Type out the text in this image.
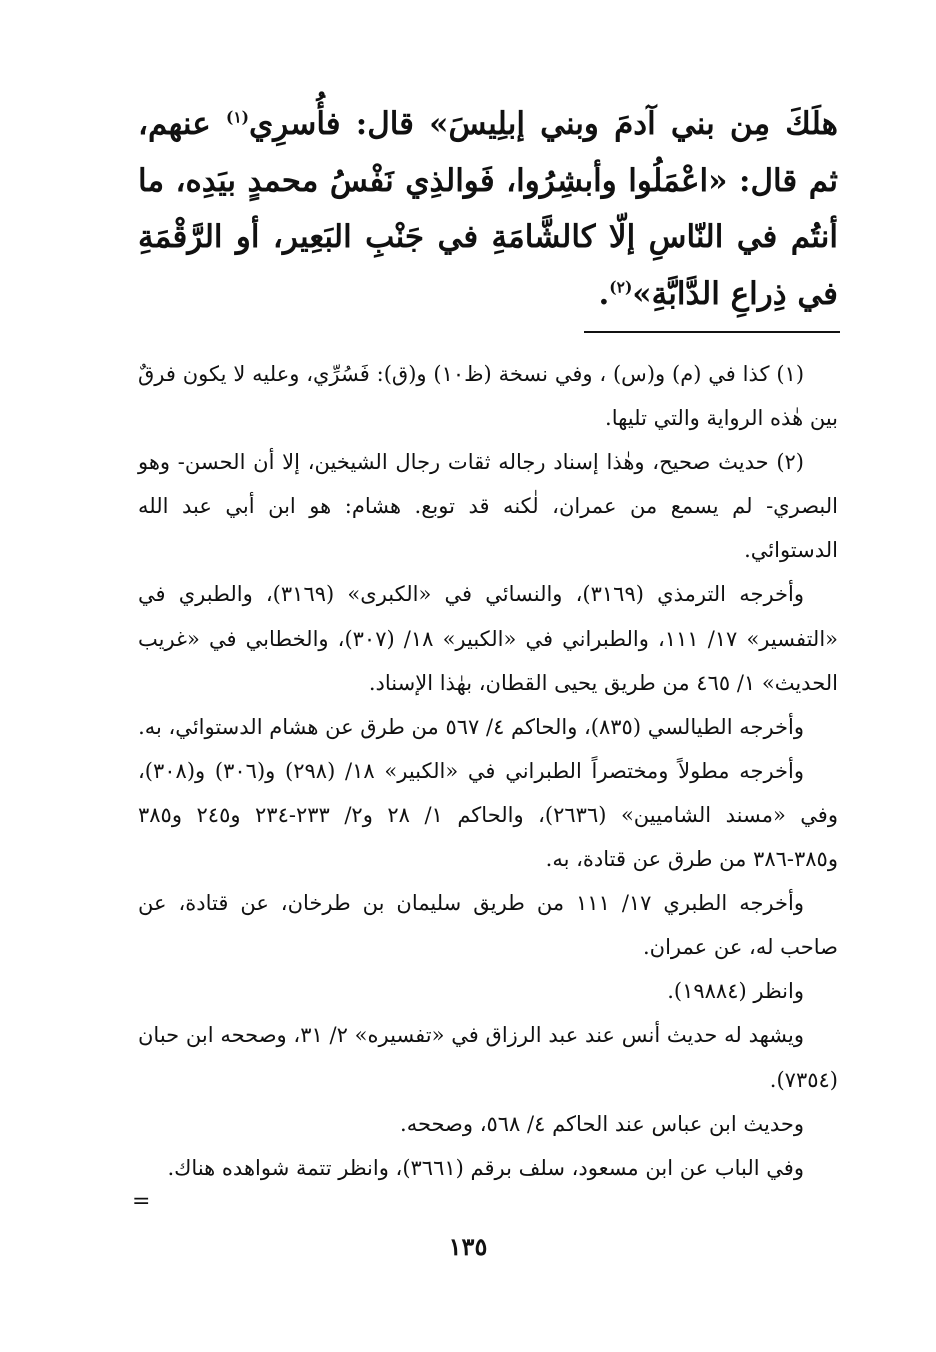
هلَكَ مِن بني آدمَ وبني إبلِيسَ» قال: فأُسرِي$^{(١)}$ عنهم، ثم قال: «اعْمَلُوا وأبشِرُوا، فَوالذِي نَفْسُ محمدٍ بيَدِه، ما أنتُم في النّاسِ إلّا كالشَّامَةِ في جَنْبِ البَعِير، أو الرَّقْمَةِ في ذِراعِ الدَّابَّةِ»$^{(٢)}$.

(١) كذا في (م) و(س) ، وفي نسخة (ظ١٠) و(ق): فَسُرِّي، وعليه لا يكون فرقٌ بين هٰذه الرواية والتي تليها.

(٢) حديث صحيح، وهٰذا إسناد رجاله ثقات رجال الشيخين، إلا أن الحسن- وهو البصري- لم يسمع من عمران، لٰكنه قد توبع. هشام: هو ابن أبي عبد الله الدستوائي.

وأخرجه الترمذي (٣١٦٩)، والنسائي في «الكبرى» (٣١٦٩)، والطبري في «التفسير» ١٧/ ١١١، والطبراني في «الكبير» ١٨/ (٣٠٧)، والخطابي في «غريب الحديث» ١/ ٤٦٥ من طريق يحيى القطان، بهٰذا الإسناد.

وأخرجه الطيالسي (٨٣٥)، والحاكم ٤/ ٥٦٧ من طرق عن هشام الدستوائي، به.

وأخرجه مطولاً ومختصراً الطبراني في «الكبير» ١٨/ (٢٩٨) و(٣٠٦) و(٣٠٨)، وفي «مسند الشاميين» (٢٦٣٦)، والحاكم ١/ ٢٨ و٢/ ٢٣٣-٢٣٤ و٢٤٥ و٣٨٥ و٣٨٥-٣٨٦ من طرق عن قتادة، به.

وأخرجه الطبري ١٧/ ١١١ من طريق سليمان بن طرخان، عن قتادة، عن صاحب له، عن عمران.

وانظر (١٩٨٨٤).

ويشهد له حديث أنس عند عبد الرزاق في «تفسيره» ٢/ ٣١، وصححه ابن حبان (٧٣٥٤).

وحديث ابن عباس عند الحاكم ٤/ ٥٦٨، وصححه.

وفي الباب عن ابن مسعود، سلف برقم (٣٦٦١)، وانظر تتمة شواهده هناك.

=
١٣٥
